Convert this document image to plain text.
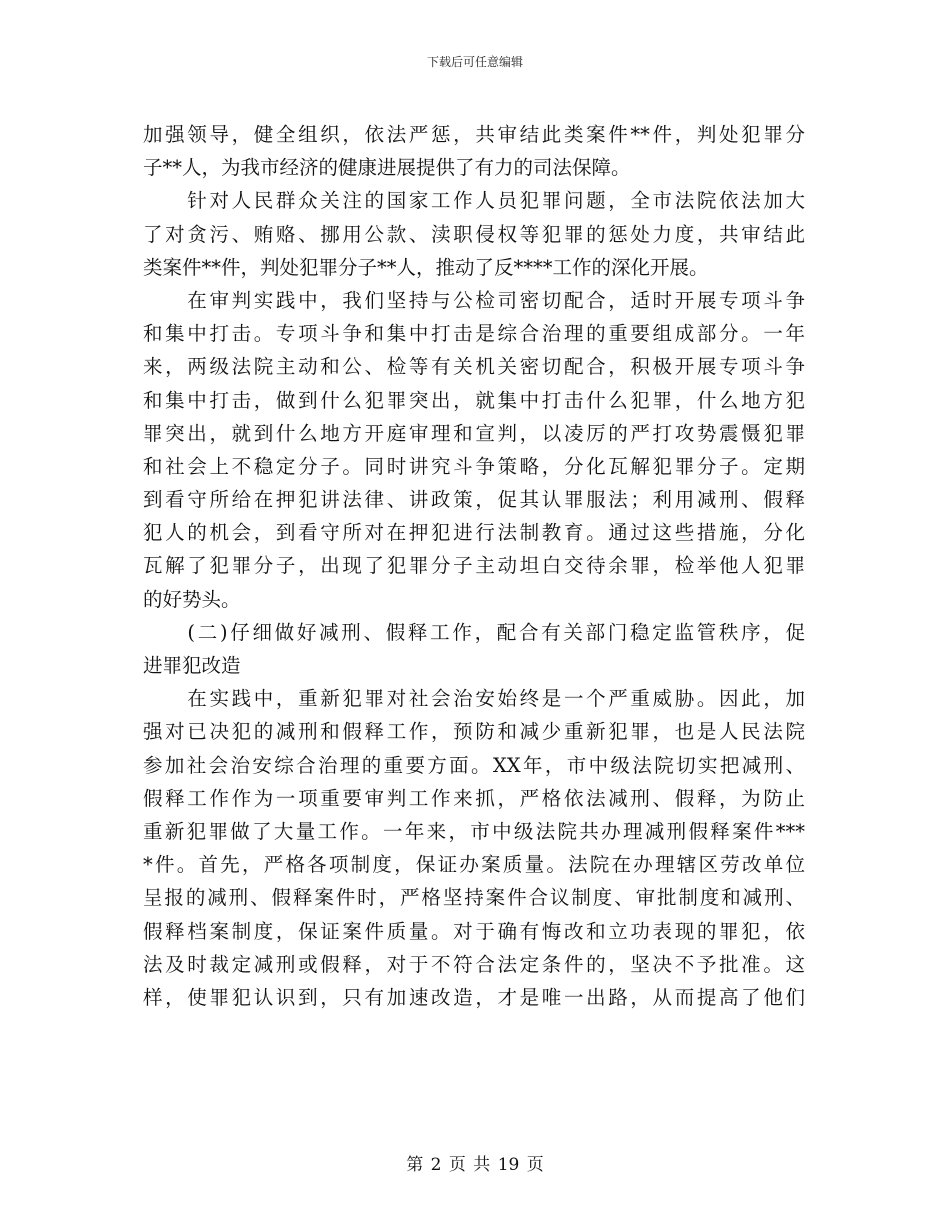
下载后可任意编辑
加强领导，健全组织，依法严惩，共审结此类案件**件，判处犯罪分
子**人，为我市经济的健康进展提供了有力的司法保障。
　　针对人民群众关注的国家工作人员犯罪问题，全市法院依法加大
了对贪污、贿赂、挪用公款、渎职侵权等犯罪的惩处力度，共审结此
类案件**件，判处犯罪分子**人，推动了反****工作的深化开展。
　　在审判实践中，我们坚持与公检司密切配合，适时开展专项斗争
和集中打击。专项斗争和集中打击是综合治理的重要组成部分。一年
来，两级法院主动和公、检等有关机关密切配合，积极开展专项斗争
和集中打击，做到什么犯罪突出，就集中打击什么犯罪，什么地方犯
罪突出，就到什么地方开庭审理和宣判，以凌厉的严打攻势震慑犯罪
和社会上不稳定分子。同时讲究斗争策略，分化瓦解犯罪分子。定期
到看守所给在押犯讲法律、讲政策，促其认罪服法；利用减刑、假释
犯人的机会，到看守所对在押犯进行法制教育。通过这些措施，分化
瓦解了犯罪分子，出现了犯罪分子主动坦白交待余罪，检举他人犯罪
的好势头。
　　(二)仔细做好减刑、假释工作，配合有关部门稳定监管秩序，促
进罪犯改造
　　在实践中，重新犯罪对社会治安始终是一个严重威胁。因此，加
强对已决犯的减刑和假释工作，预防和减少重新犯罪，也是人民法院
参加社会治安综合治理的重要方面。XX年，市中级法院切实把减刑、
假释工作作为一项重要审判工作来抓，严格依法减刑、假释，为防止
重新犯罪做了大量工作。一年来，市中级法院共办理减刑假释案件***
*件。首先，严格各项制度，保证办案质量。法院在办理辖区劳改单位
呈报的减刑、假释案件时，严格坚持案件合议制度、审批制度和减刑、
假释档案制度，保证案件质量。对于确有悔改和立功表现的罪犯，依
法及时裁定减刑或假释，对于不符合法定条件的，坚决不予批准。这
样，使罪犯认识到，只有加速改造，才是唯一出路，从而提高了他们
第 2 页 共 19 页
